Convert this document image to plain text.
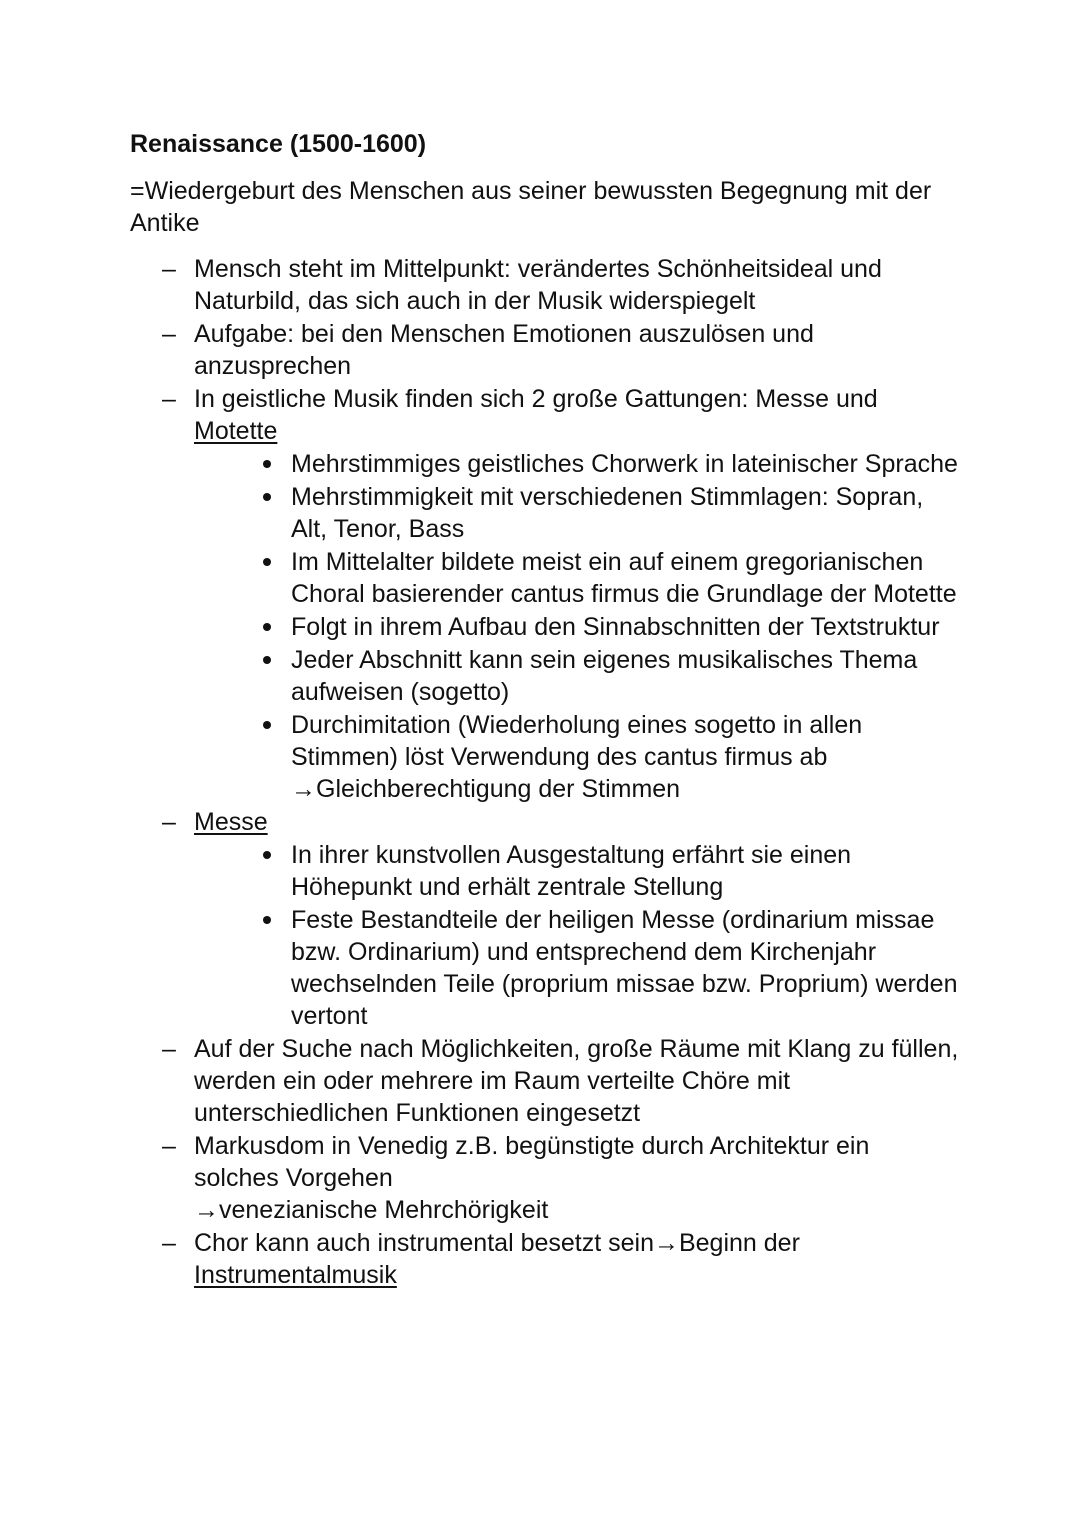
Renaissance (1500-1600)

=Wiedergeburt des Menschen aus seiner bewussten Begegnung mit der Antike

– Mensch steht im Mittelpunkt: verändertes Schönheitsideal und Naturbild, das sich auch in der Musik widerspiegelt
– Aufgabe: bei den Menschen Emotionen auszulösen und anzusprechen
– In geistliche Musik finden sich 2 große Gattungen: Messe und
Motette
Mehrstimmiges geistliches Chorwerk in lateinischer Sprache
Mehrstimmigkeit mit verschiedenen Stimmlagen: Sopran, Alt, Tenor, Bass
Im Mittelalter bildete meist ein auf einem gregorianischen Choral basierender cantus firmus die Grundlage der Motette
Folgt in ihrem Aufbau den Sinnabschnitten der Textstruktur
Jeder Abschnitt kann sein eigenes musikalisches Thema aufweisen (sogetto)
Durchimitation (Wiederholung eines sogetto in allen Stimmen) löst Verwendung des cantus firmus ab
→Gleichberechtigung der Stimmen
– Messe
In ihrer kunstvollen Ausgestaltung erfährt sie einen Höhepunkt und erhält zentrale Stellung
Feste Bestandteile der heiligen Messe (ordinarium missae bzw. Ordinarium) und entsprechend dem Kirchenjahr wechselnden Teile (proprium missae bzw. Proprium) werden vertont
– Auf der Suche nach Möglichkeiten, große Räume mit Klang zu füllen, werden ein oder mehrere im Raum verteilte Chöre mit unterschiedlichen Funktionen eingesetzt
– Markusdom in Venedig z.B. begünstigte durch Architektur ein solches Vorgehen
→venezianische Mehrchörigkeit
– Chor kann auch instrumental besetzt sein→Beginn der
Instrumentalmusik
